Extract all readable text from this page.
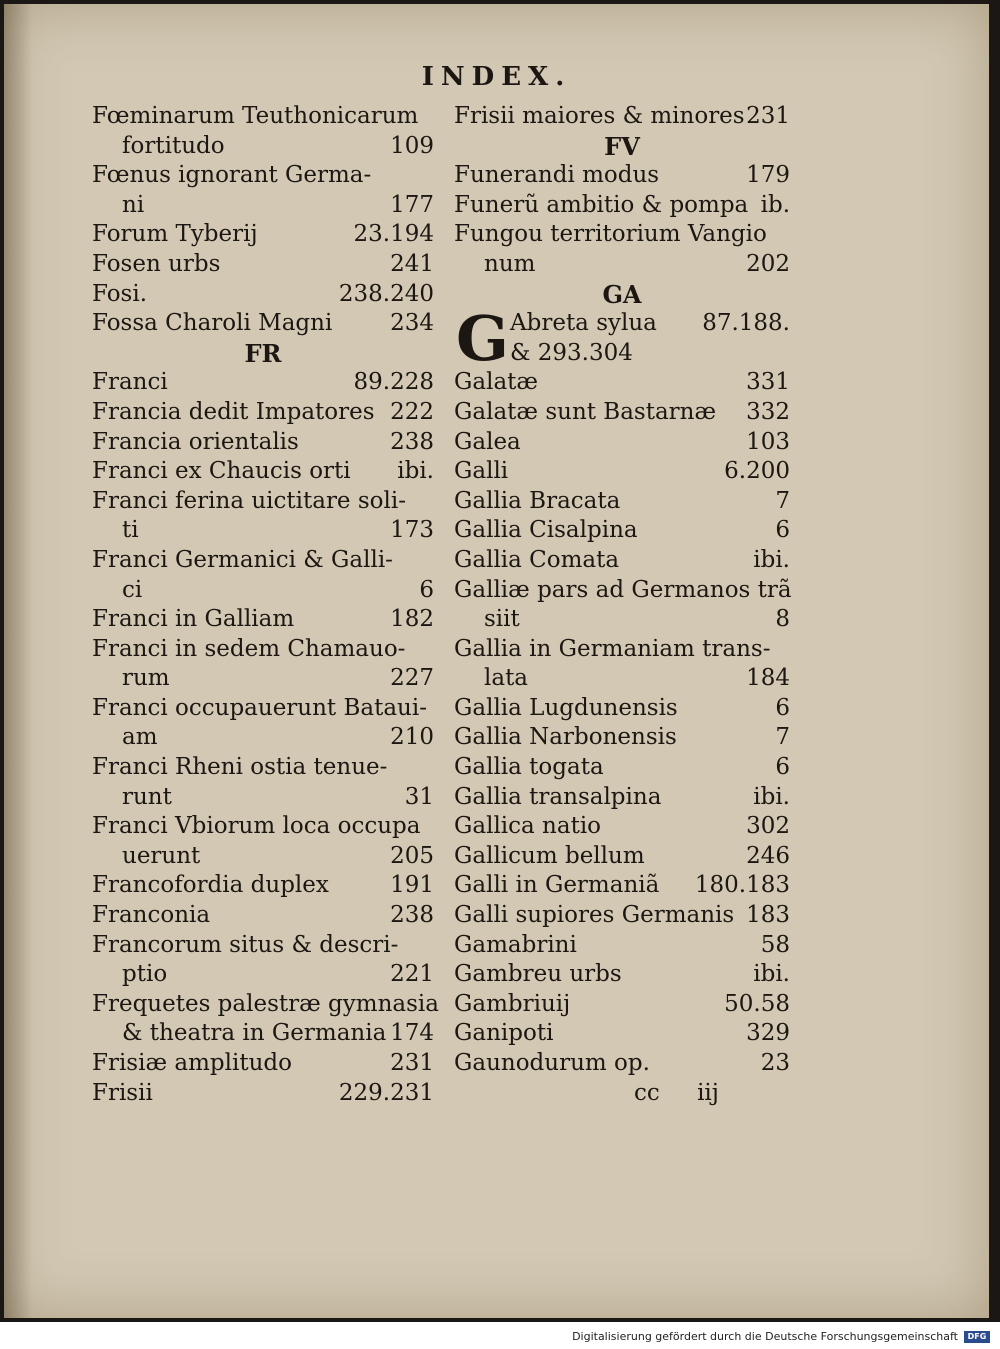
INDEX.
Fœminarum Teuthonicarum
fortitudo	109
Fœnus ignorant Germa-
ni	177
Forum Tyberij	23.194
Fosen urbs	241
Fosi.	238.240
Fossa Charoli Magni	234
FR
Franci	89.228
Francia dedit Impatores 222
Francia orientalis	238
Franci ex Chaucis orti ibi.
Franci ferina uictitare soli-
ti	173
Franci Germanici & Galli-
ci	6
Franci in Galliam	182
Franci in sedem Chamauo-
rum	227
Franci occupauerunt Bataui-
am	210
Franci Rheni ostia tenue-
runt	31
Franci Vbiorum loca occupa
uerunt	205
Francofordia duplex	191
Franconia	238
Francorum situs & descri-
ptio	221
Frequetes palestræ gymnasia
& theatra in Germania 174
Frisiæ amplitudo	231
Frisii	229.231
Frisii maiores & minores 231
FV
Funerandi modus	179
Funerũ ambitio & pompa ib.
Fungou territorium Vangio
num	202
GA
G Abreta sylua 87.188.
& 293.304
Galatæ	331
Galatæ sunt Bastarnæ 332
Galea	103
Galli	6.200
Gallia Bracata	7
Gallia Cisalpina	6
Gallia Comata	ibi.
Galliæ pars ad Germanos trã
siit	8
Gallia in Germaniam trans-
lata	184
Gallia Lugdunensis	6
Gallia Narbonensis	7
Gallia togata	6
Gallia transalpina	ibi.
Gallica natio	302
Gallicum bellum	246
Galli in Germaniã 180.183
Galli supiores Germanis 183
Gamabrini	58
Gambreu urbs	ibi.
Gambriuij	50.58
Ganipoti	329
Gaunodurum op.	23
cc iij
Digitalisierung gefördert durch die Deutsche Forschungsgemeinschaft	DFG
